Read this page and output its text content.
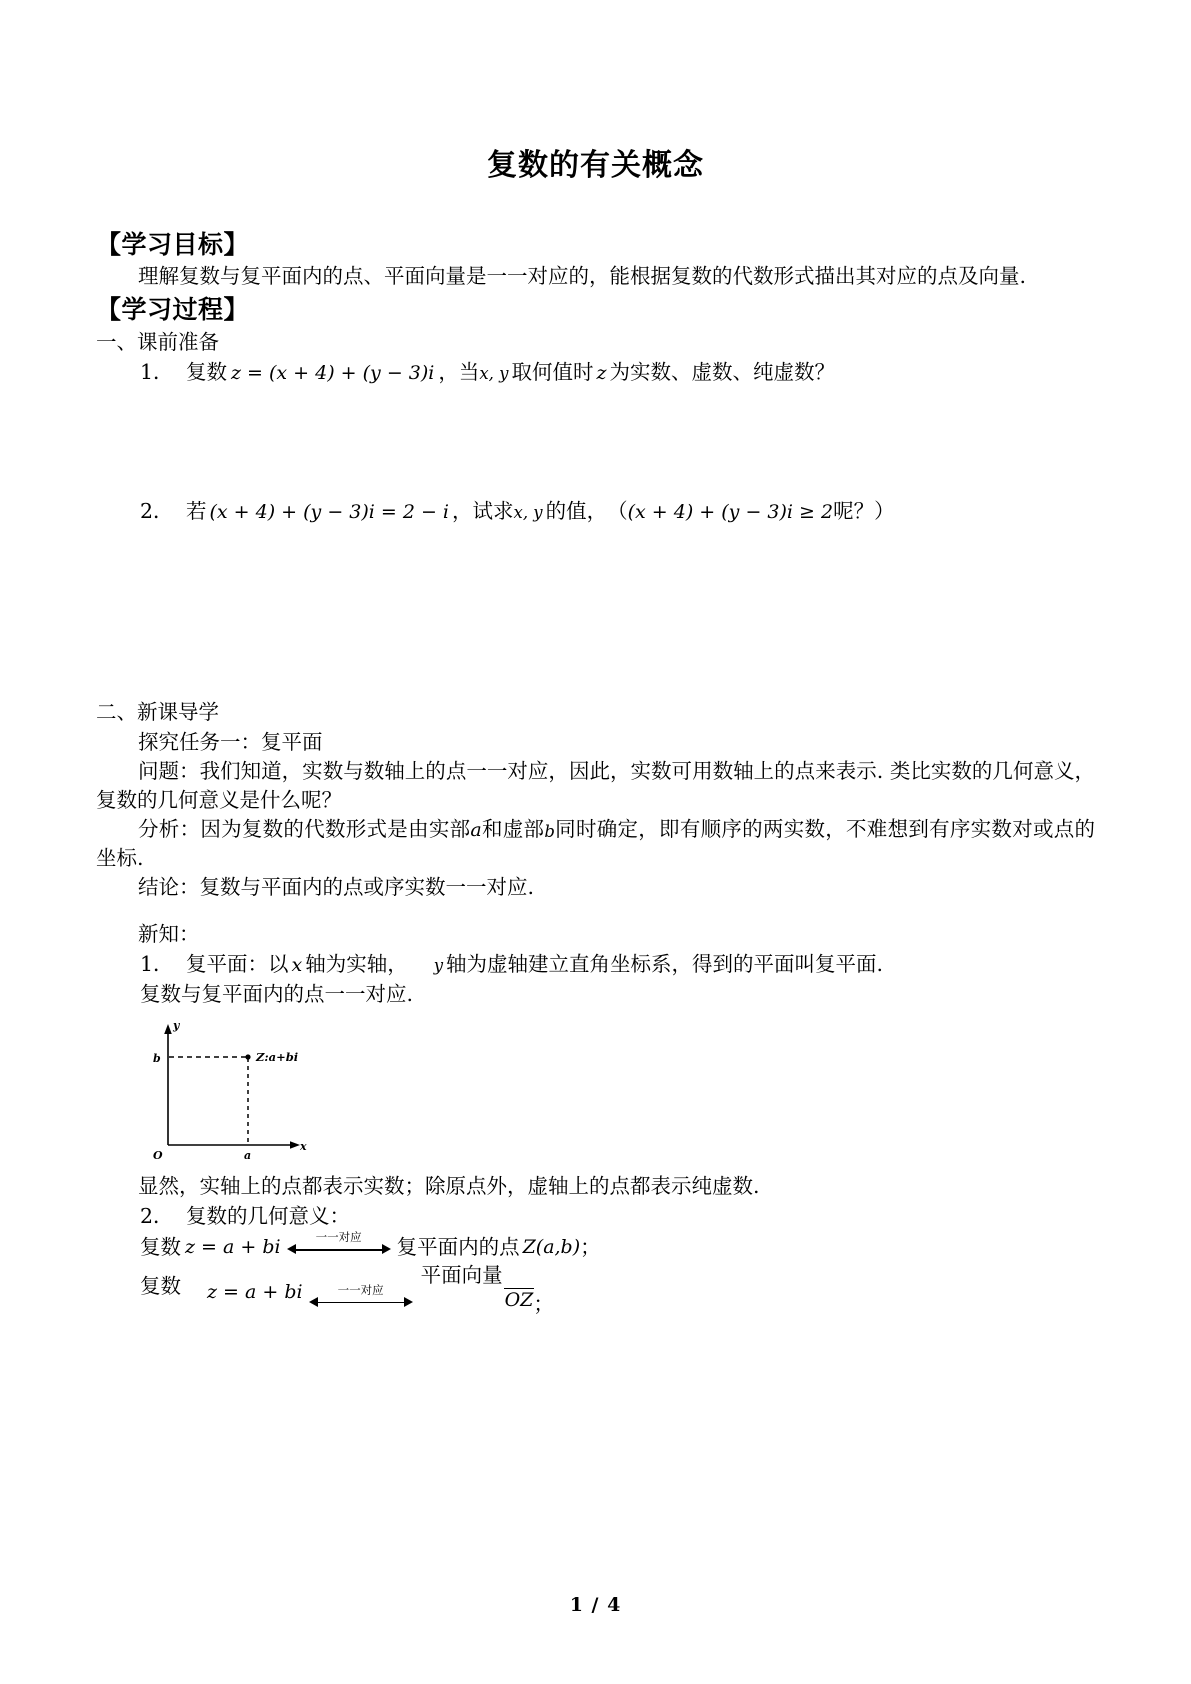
复数的有关概念

【学习目标】

理解复数与复平面内的点、平面向量是一一对应的，能根据复数的代数形式描出其对应的点及向量.

【学习过程】

一、课前准备

1． 复数 z = (x + 4) + (y − 3)i ，当 x, y 取何值时 z 为实数、虚数、纯虚数？
2． 若 (x + 4) + (y − 3)i = 2 − i ，试求 x, y 的值， （ (x + 4) + (y − 3)i ≥ 2 呢？）

二、新课导学

探究任务一：复平面

问题：我们知道，实数与数轴上的点一一对应，因此，实数可用数轴上的点来表示. 类比实数的几何意义，复数的几何意义是什么呢？

分析：因为复数的代数形式是由实部a和虚部b同时确定，即有顺序的两实数，不难想到有序实数对或点的坐标.

结论：复数与平面内的点或序实数一一对应.

新知：

1． 复平面：以 x 轴为实轴， y 轴为虚轴建立直角坐标系，得到的平面叫复平面.

复数与复平面内的点一一对应.

y
x
b
a
O
Z:a+bi

显然，实轴上的点都表示实数；除原点外，虚轴上的点都表示纯虚数.

2． 复数的几何意义：
复数 z = a + bi	一一对应 复平面内的点 Z(a,b) ；
复数 z = a + bi	一一对应
平面向量
OZ ；
1 / 4
